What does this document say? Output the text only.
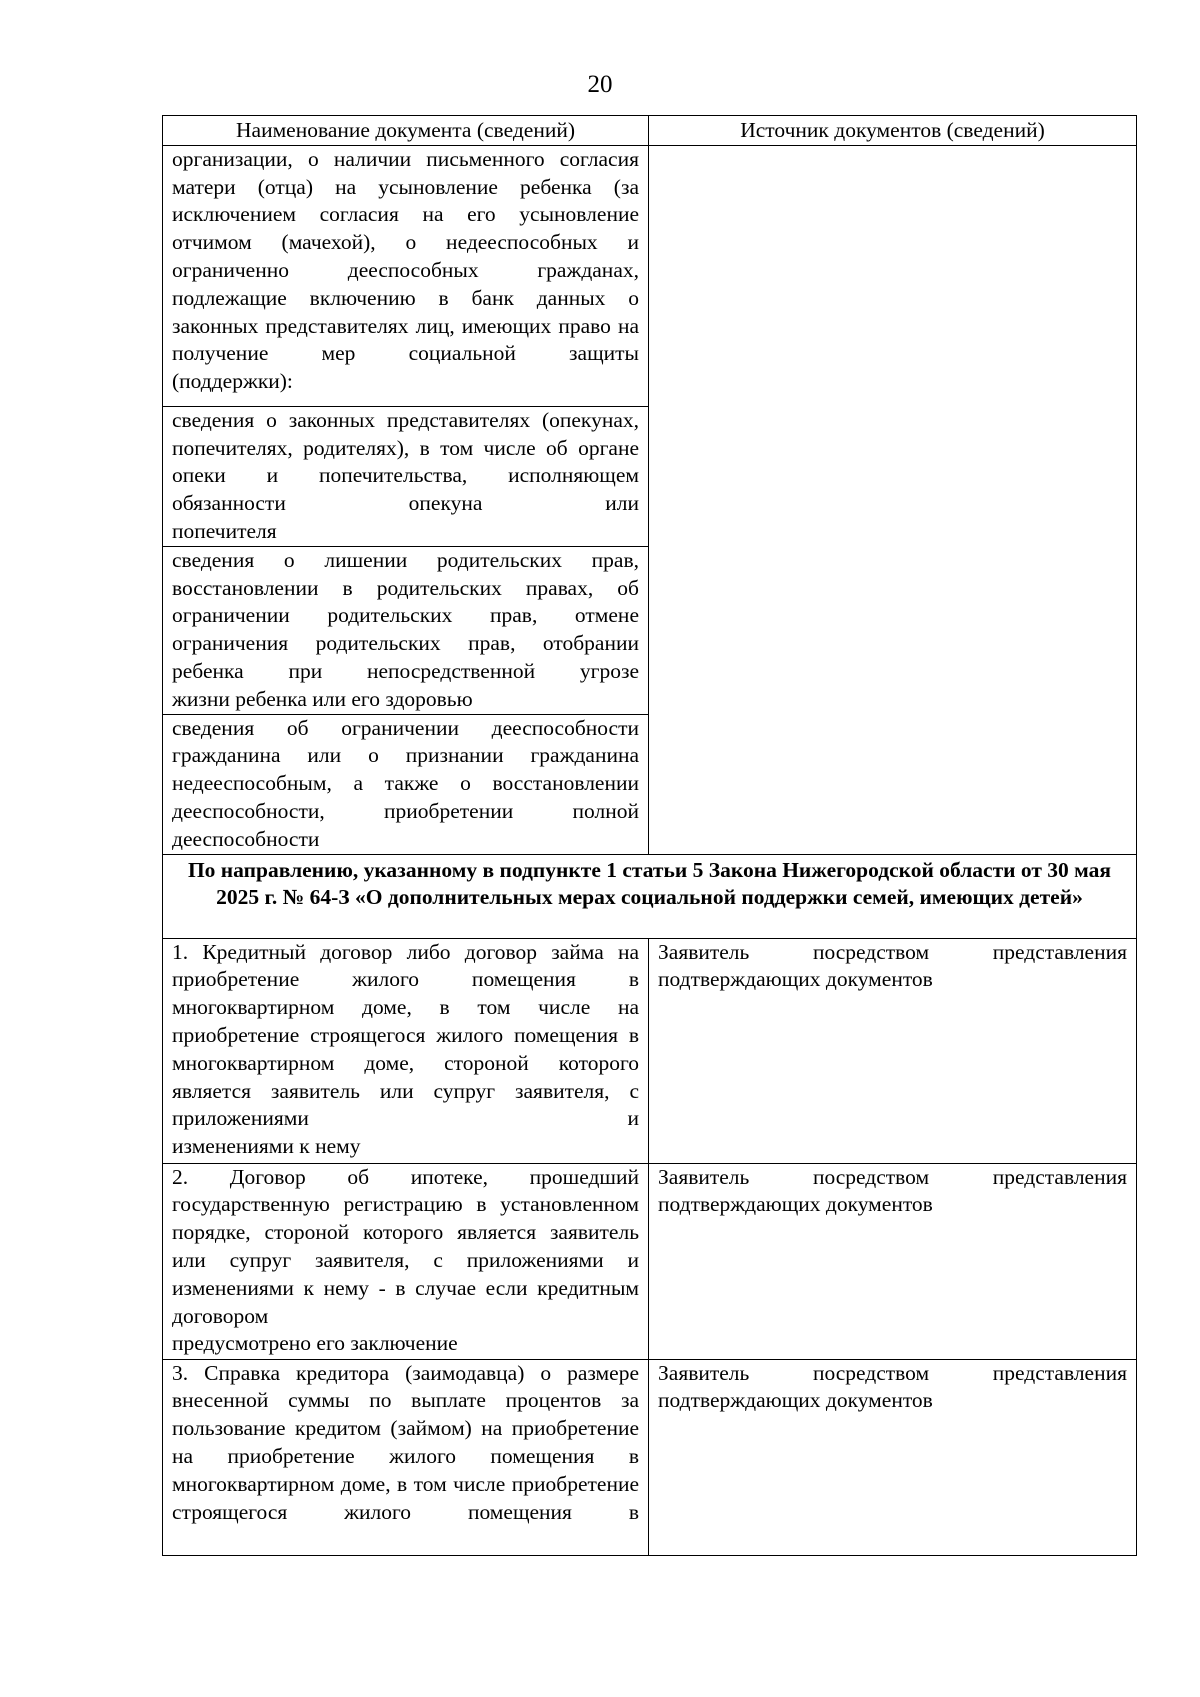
20
Наименование документа (сведений)	Источник документов (сведений)
организации, о наличии письменного согласия матери (отца) на усыновление ребенка (за исключением согласия на его усыновление отчимом (мачехой), о недееспособных и ограниченно дееспособных гражданах, подлежащие включению в банк данных о законных представителях лиц, имеющих право на получение мер социальной защиты
(поддержки):	

сведения о законных представителях (опекунах, попечителях, родителях), в том числе об органе опеки и попечительства, исполняющем обязанности опекуна или
попечителя	

сведения о лишении родительских прав, восстановлении в родительских правах, об ограничении родительских прав, отмене ограничения родительских прав, отобрании ребенка при непосредственной угрозе
жизни ребенка или его здоровью	

сведения об ограничении дееспособности гражданина или о признании гражданина недееспособным, а также о восстановлении дееспособности, приобретении полной
дееспособности	

По направлению, указанному в подпункте 1 статьи 5 Закона Нижегородской области от 30 мая 2025 г. № 64-З «О дополнительных мерах социальной поддержки семей, имеющих детей»	
1. Кредитный договор либо договор займа на приобретение жилого помещения в многоквартирном доме, в том числе на приобретение строящегося жилого помещения в многоквартирном доме, стороной которого является заявитель или супруг заявителя, с приложениями и
изменениями к нему	Заявитель посредством представления
подтверждающих документов

2. Договор об ипотеке, прошедший государственную регистрацию в установленном порядке, стороной которого является заявитель или супруг заявителя, с приложениями и изменениями к нему - в случае если кредитным договором
предусмотрено его заключение	Заявитель посредством представления
подтверждающих документов

3. Справка кредитора (заимодавца) о размере внесенной суммы по выплате процентов за пользование кредитом (займом) на приобретение на приобретение жилого помещения в многоквартирном доме, в том числе приобретение строящегося жилого помещения в	Заявитель посредством представления
подтверждающих документов
